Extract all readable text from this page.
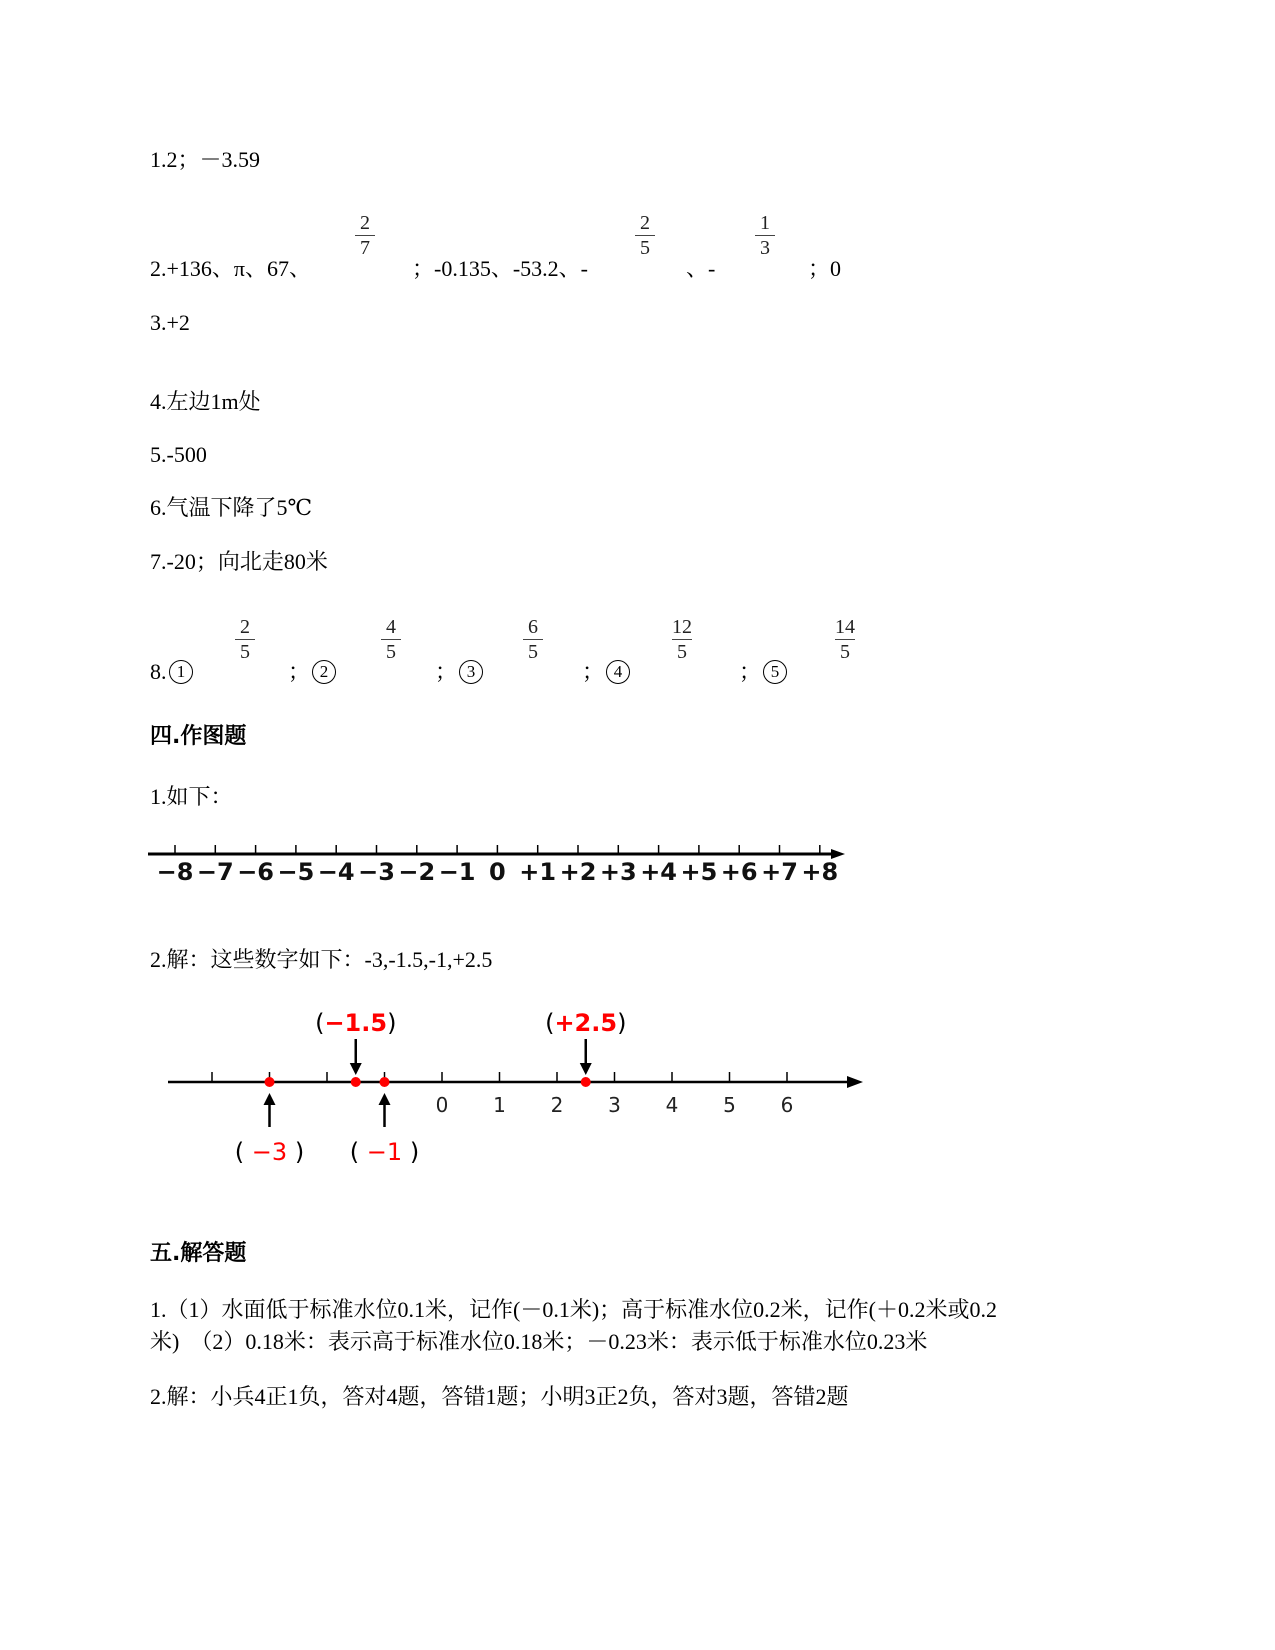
1.2；－3.59
2.+136、π、67、
$\frac{2}{7}$
；-0.135、-53.2、-
$\frac{2}{5}$
、-
$\frac{1}{3}$
；0
3.+2
4.左边1m处
5.-500
6.气温下降了5℃
7.-20；向北走80米
8. 1
$\frac{2}{5}$
； 2
$\frac{4}{5}$
； 3
$\frac{6}{5}$
； 4
$\frac{12}{5}$
； 5
$\frac{14}{5}$
四.作图题
1.如下：
−8 −7 −6 −5 −4 −3 −2 −1 0 +1 +2 +3 +4 +5 +6 +7 +8
2.解：这些数字如下：-3,-1.5,-1,+2.5
0 1 2 3 4 5 6
(−1.5)	(+2.5)
( −3 ) ( −1 )
五.解答题
1.（1）水面低于标准水位0.1米，记作(－0.1米)；高于标准水位0.2米，记作(＋0.2米或0.2
米)　（2）0.18米：表示高于标准水位0.18米；－0.23米：表示低于标准水位0.23米
2.解：小兵4正1负，答对4题，答错1题；小明3正2负，答对3题，答错2题
